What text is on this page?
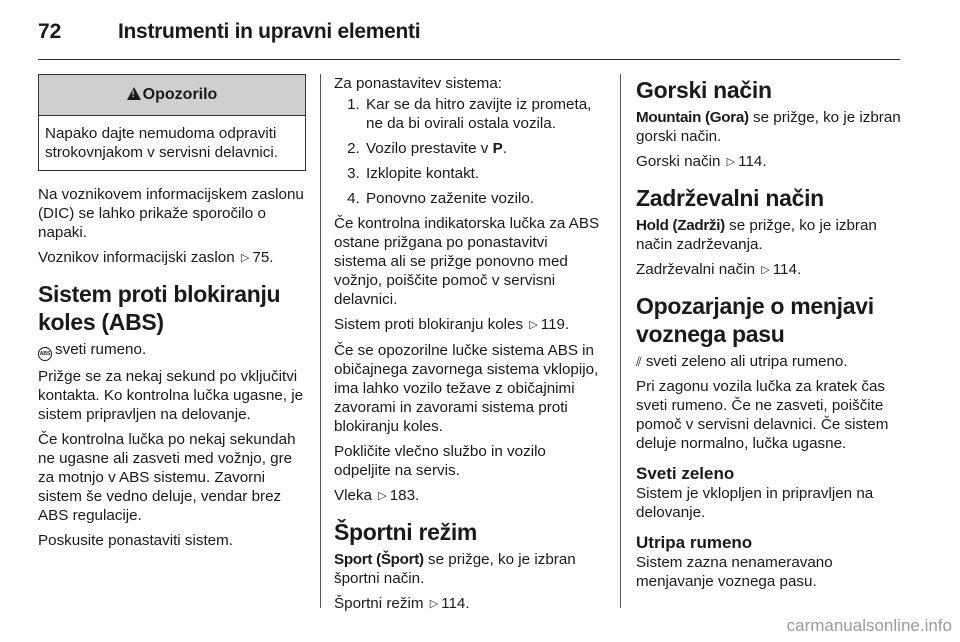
72	Instrumenti in upravni elementi
!Opozorilo
Napako dajte nemudoma odpraviti strokovnjakom v servisni delavnici.

Na voznikovem informacijskem zaslonu (DIC) se lahko prikaže sporočilo o napaki.

Voznikov informacijski zaslon ▷ 75.

Sistem proti blokiranju koles (ABS)

ABS sveti rumeno.

Prižge se za nekaj sekund po vključitvi kontakta. Ko kontrolna lučka ugasne, je sistem pripravljen na delovanje.

Če kontrolna lučka po nekaj sekundah ne ugasne ali zasveti med vožnjo, gre za motnjo v ABS sistemu. Zavorni sistem še vedno deluje, vendar brez ABS regulacije.

Poskusite ponastaviti sistem.

Za ponastavitev sistema:

1. Kar se da hitro zavijte iz prometa, ne da bi ovirali ostala vozila.
2. Vozilo prestavite v P.
3. Izklopite kontakt.
4. Ponovno zaženite vozilo.

Če kontrolna indikatorska lučka za ABS ostane prižgana po ponastavitvi sistema ali se prižge ponovno med vožnjo, poiščite pomoč v servisni delavnici.

Sistem proti blokiranju koles ▷ 119.

Če se opozorilne lučke sistema ABS in običajnega zavornega sistema vklopijo, ima lahko vozilo težave z običajnimi zavorami in zavorami sistema proti blokiranju koles.

Pokličite vlečno službo in vozilo odpeljite na servis.

Vleka ▷ 183.

Športni režim

Sport (Šport) se prižge, ko je izbran športni način.

Športni režim ▷ 114.

Gorski način

Mountain (Gora) se prižge, ko je izbran gorski način.

Gorski način ▷ 114.

Zadrževalni način

Hold (Zadrži) se prižge, ko je izbran način zadrževanja.

Zadrževalni način ▷ 114.

Opozarjanje o menjavi voznega pasu

⫽ sveti zeleno ali utripa rumeno.

Pri zagonu vozila lučka za kratek čas sveti rumeno. Če ne zasveti, poiščite pomoč v servisni delavnici. Če sistem deluje normalno, lučka ugasne.

Sveti zeleno

Sistem je vklopljen in pripravljen na delovanje.

Utripa rumeno

Sistem zazna nenameravano menjavanje voznega pasu.

carmanualsonline.info
